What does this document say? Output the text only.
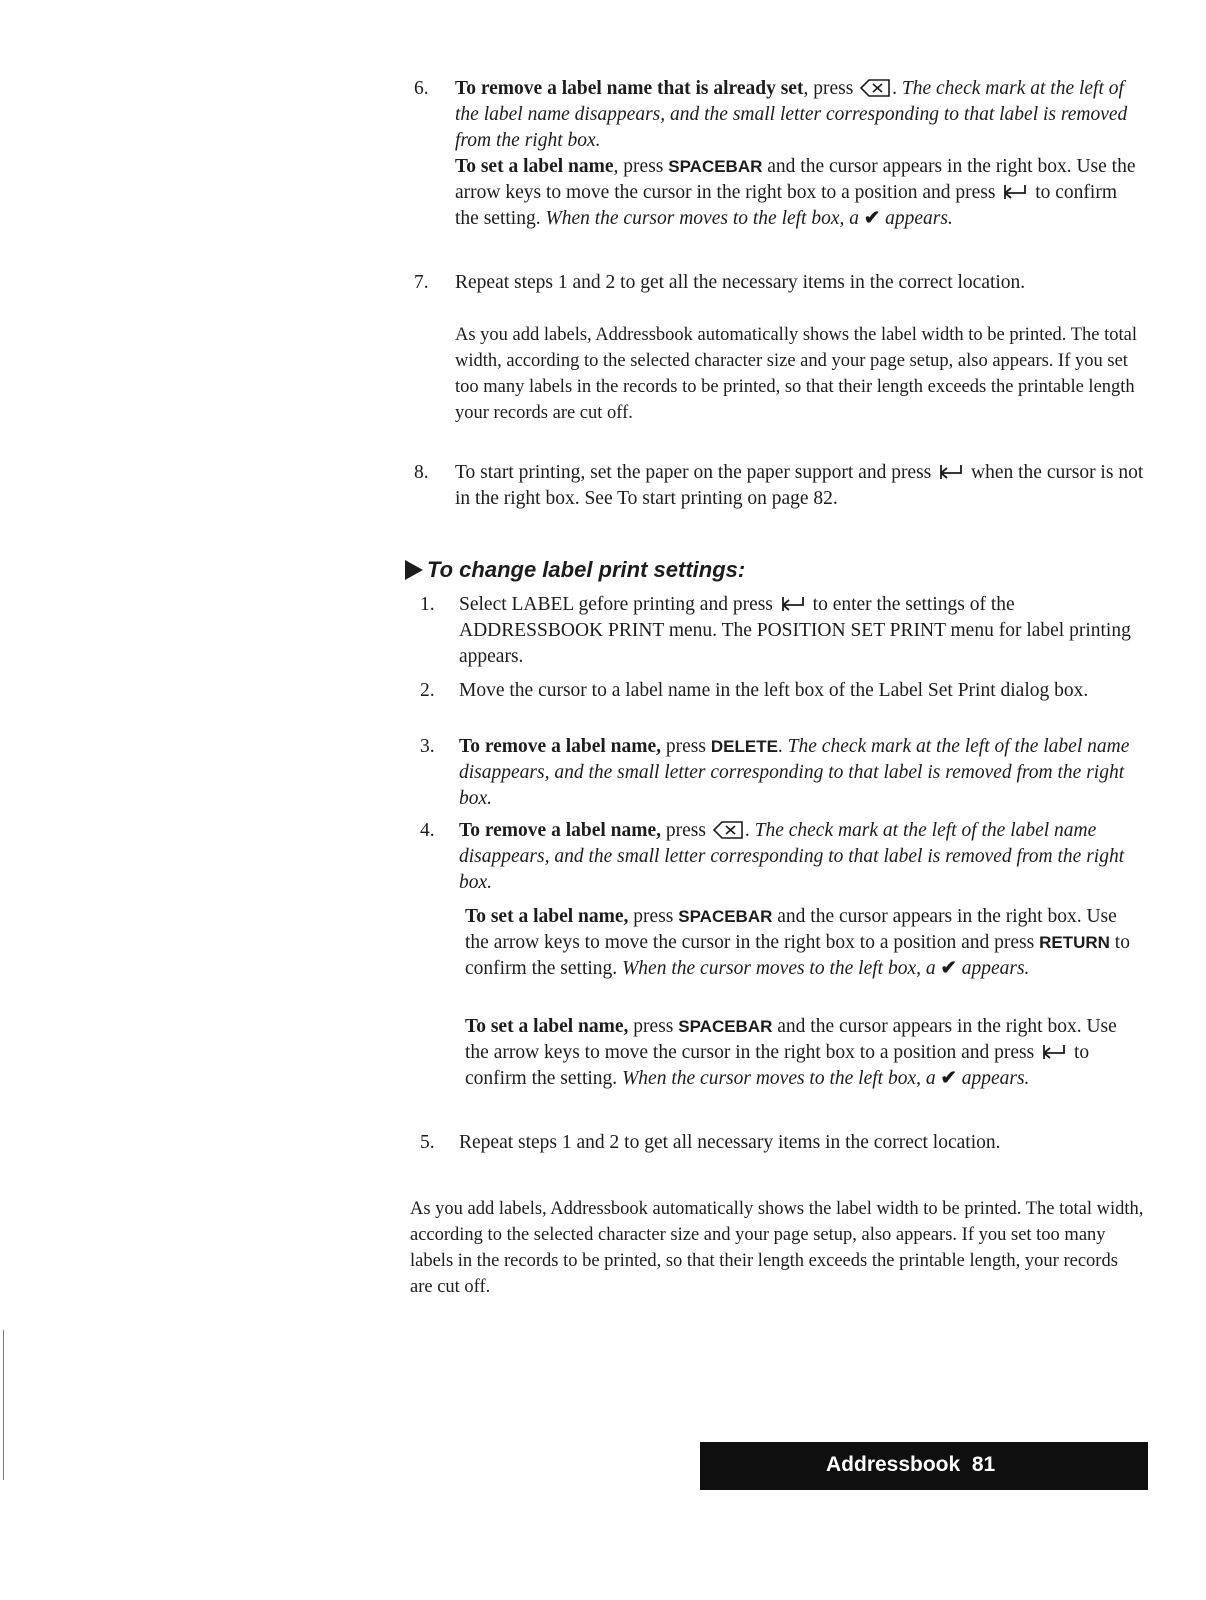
6. To remove a label name that is already set, press . The check mark at the left of the label name disappears, and the small letter corresponding to that label is removed from the right box.

To set a label name, press SPACEBAR and the cursor appears in the right box. Use the arrow keys to move the cursor in the right box to a position and press to confirm the setting. When the cursor moves to the left box, a ✔ appears.

7. Repeat steps 1 and 2 to get all the necessary items in the correct location.

As you add labels, Addressbook automatically shows the label width to be printed. The total width, according to the selected character size and your page setup, also appears. If you set too many labels in the records to be printed, so that their length exceeds the printable length your records are cut off.

8. To start printing, set the paper on the paper support and press when the cursor is not in the right box. See To start printing on page 82.

To change label print settings:
1. Select LABEL gefore printing and press to enter the settings of the ADDRESSBOOK PRINT menu. The POSITION SET PRINT menu for label printing appears.

2. Move the cursor to a label name in the left box of the Label Set Print dialog box.

3. To remove a label name, press DELETE. The check mark at the left of the label name disappears, and the small letter corresponding to that label is removed from the right box.

4. To remove a label name, press . The check mark at the left of the label name disappears, and the small letter corresponding to that label is removed from the right box.

To set a label name, press SPACEBAR and the cursor appears in the right box. Use the arrow keys to move the cursor in the right box to a position and press RETURN to confirm the setting. When the cursor moves to the left box, a ✔ appears.

To set a label name, press SPACEBAR and the cursor appears in the right box. Use the arrow keys to move the cursor in the right box to a position and press to confirm the setting. When the cursor moves to the left box, a ✔ appears.

5. Repeat steps 1 and 2 to get all necessary items in the correct location.

As you add labels, Addressbook automatically shows the label width to be printed. The total width, according to the selected character size and your page setup, also appears. If you set too many labels in the records to be printed, so that their length exceeds the printable length, your records are cut off.

Addressbook 81
